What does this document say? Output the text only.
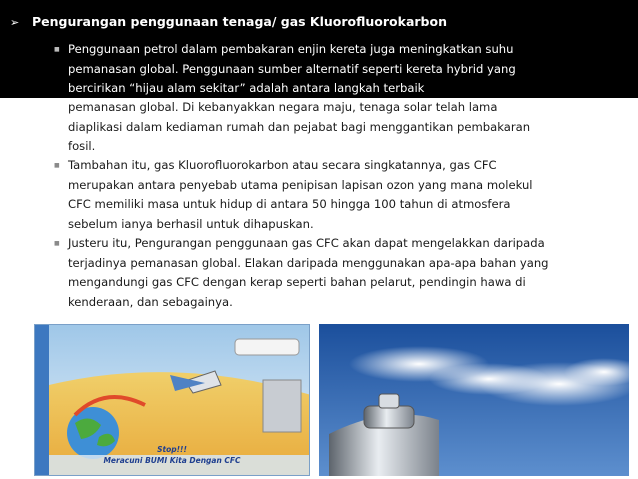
➢ Pengurangan penggunaan tenaga/ gas Kluorofluorokarbon
■ Penggunaan petrol dalam pembakaran enjin kereta juga meningkatkan suhu
pemanasan global. Penggunaan sumber alternatif seperti kereta hybrid yang
bercirikan “hijau alam sekitar” adalah antara langkah terbaik
pemanasan global. Di kebanyakkan negara maju, tenaga solar telah lama
diaplikasi dalam kediaman rumah dan pejabat bagi menggantikan pembakaran
fosil.
■ Tambahan itu, gas Kluorofluorokarbon atau secara singkatannya, gas CFC
merupakan antara penyebab utama penipisan lapisan ozon yang mana molekul
CFC memiliki masa untuk hidup di antara 50 hingga 100 tahun di atmosfera
sebelum ianya berhasil untuk dihapuskan.
■ Justeru itu, Pengurangan penggunaan gas CFC akan dapat mengelakkan daripada
terjadinya pemanasan global. Elakan daripada menggunakan apa-apa bahan yang
mengandungi gas CFC dengan kerap seperti bahan pelarut, pendingin hawa di
kenderaan, dan sebagainya.
Stop!!!
Meracuni BUMI Kita Dengan CFC
